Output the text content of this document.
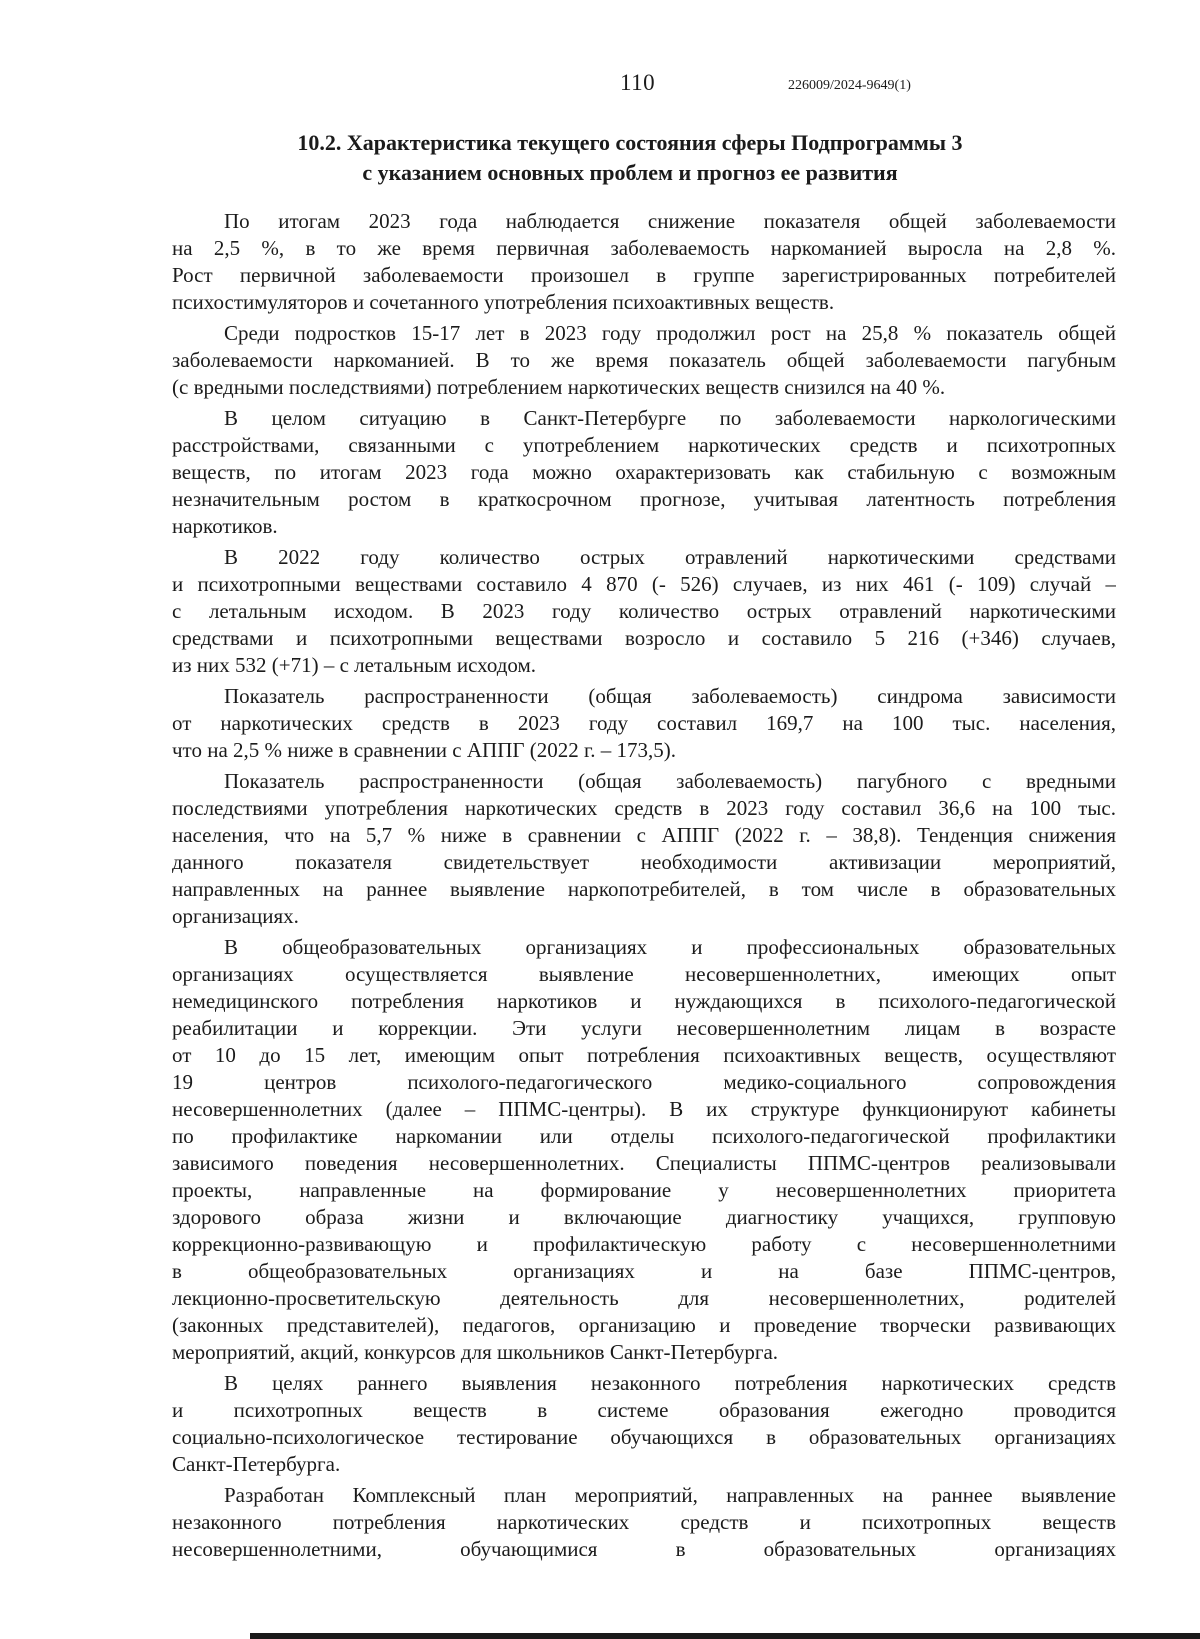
110	226009/2024-9649(1)
10.2. Характеристика текущего состояния сферы Подпрограммы 3
с указанием основных проблем и прогноз ее развития
По итогам 2023 года наблюдается снижение показателя общей заболеваемости
на 2,5 %, в то же время первичная заболеваемость наркоманией выросла на 2,8 %.
Рост первичной заболеваемости произошел в группе зарегистрированных потребителей
психостимуляторов и сочетанного употребления психоактивных веществ.
Среди подростков 15-17 лет в 2023 году продолжил рост на 25,8 % показатель общей
заболеваемости наркоманией. В то же время показатель общей заболеваемости пагубным
(с вредными последствиями) потреблением наркотических веществ снизился на 40 %.
В целом ситуацию в Санкт-Петербурге по заболеваемости наркологическими
расстройствами, связанными с употреблением наркотических средств и психотропных
веществ, по итогам 2023 года можно охарактеризовать как стабильную с возможным
незначительным ростом в краткосрочном прогнозе, учитывая латентность потребления
наркотиков.
В 2022 году количество острых отравлений наркотическими средствами
и психотропными веществами составило 4 870 (- 526) случаев, из них 461 (- 109) случай –
с летальным исходом. В 2023 году количество острых отравлений наркотическими
средствами и психотропными веществами возросло и составило 5 216 (+346) случаев,
из них 532 (+71) – с летальным исходом.
Показатель распространенности (общая заболеваемость) синдрома зависимости
от наркотических средств в 2023 году составил 169,7 на 100 тыс. населения,
что на 2,5 % ниже в сравнении с АППГ (2022 г. – 173,5).
Показатель распространенности (общая заболеваемость) пагубного с вредными
последствиями употребления наркотических средств в 2023 году составил 36,6 на 100 тыс.
населения, что на 5,7 % ниже в сравнении с АППГ (2022 г. – 38,8). Тенденция снижения
данного показателя свидетельствует необходимости активизации мероприятий,
направленных на раннее выявление наркопотребителей, в том числе в образовательных
организациях.
В общеобразовательных организациях и профессиональных образовательных
организациях осуществляется выявление несовершеннолетних, имеющих опыт
немедицинского потребления наркотиков и нуждающихся в психолого-педагогической
реабилитации и коррекции. Эти услуги несовершеннолетним лицам в возрасте
от 10 до 15 лет, имеющим опыт потребления психоактивных веществ, осуществляют
19 центров психолого-педагогического медико-социального сопровождения
несовершеннолетних (далее – ППМС-центры). В их структуре функционируют кабинеты
по профилактике наркомании или отделы психолого-педагогической профилактики
зависимого поведения несовершеннолетних. Специалисты ППМС-центров реализовывали
проекты, направленные на формирование у несовершеннолетних приоритета
здорового образа жизни и включающие диагностику учащихся, групповую
коррекционно-развивающую и профилактическую работу с несовершеннолетними
в общеобразовательных организациях и на базе ППМС-центров,
лекционно-просветительскую деятельность для несовершеннолетних, родителей
(законных представителей), педагогов, организацию и проведение творчески развивающих
мероприятий, акций, конкурсов для школьников Санкт-Петербурга.
В целях раннего выявления незаконного потребления наркотических средств
и психотропных веществ в системе образования ежегодно проводится
социально-психологическое тестирование обучающихся в образовательных организациях
Санкт-Петербурга.
Разработан Комплексный план мероприятий, направленных на раннее выявление
незаконного потребления наркотических средств и психотропных веществ
несовершеннолетними, обучающимися в образовательных организациях
